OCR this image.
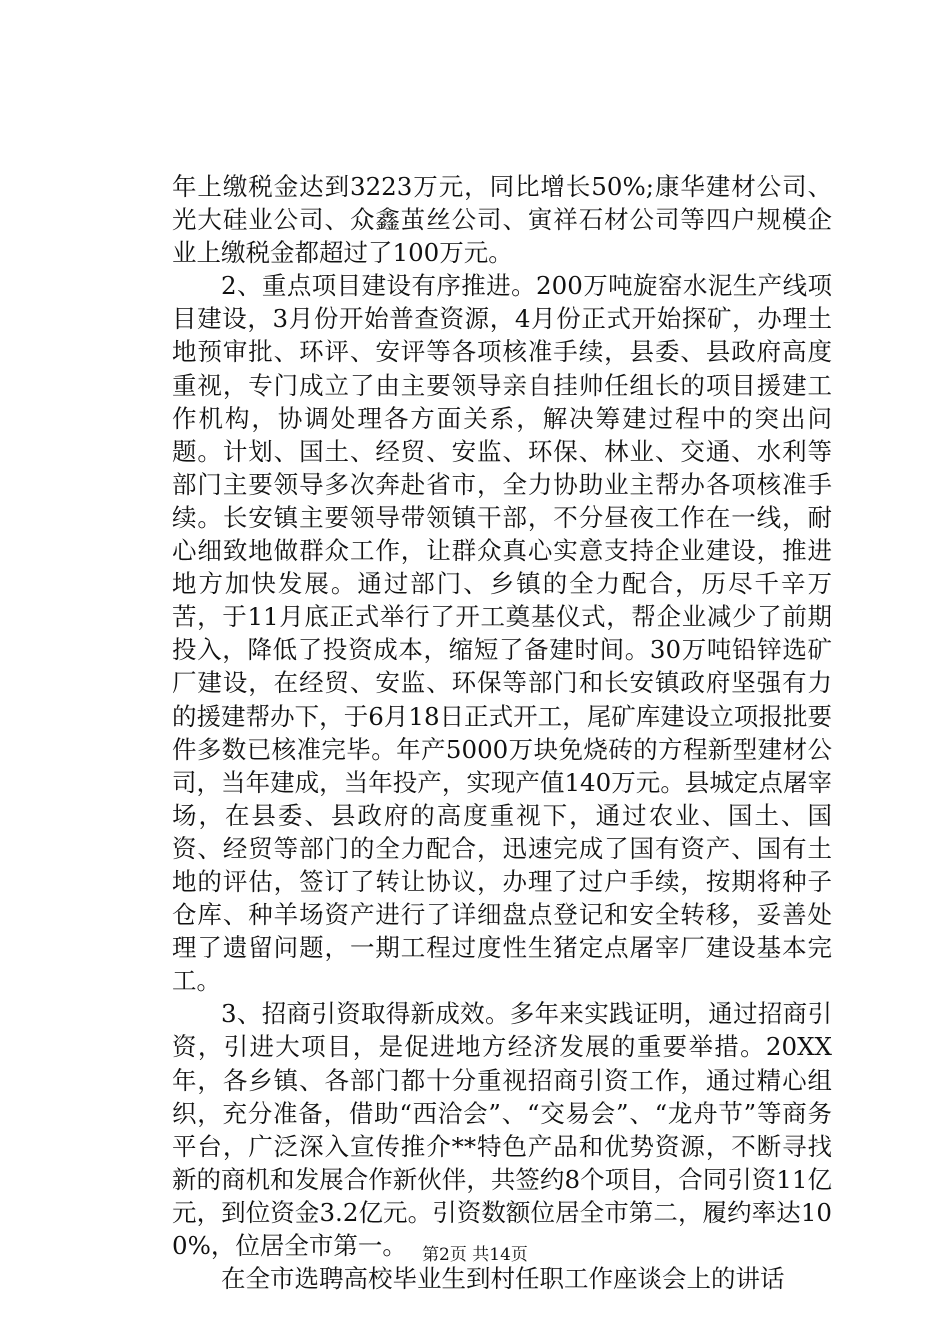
年上缴税金达到3223万元，同比增长50%;康华建材公司、光大硅业公司、众鑫茧丝公司、寅祥石材公司等四户规模企业上缴税金都超过了100万元。

2、重点项目建设有序推进。200万吨旋窑水泥生产线项目建设，3月份开始普查资源，4月份正式开始探矿，办理土地预审批、环评、安评等各项核准手续，县委、县政府高度重视，专门成立了由主要领导亲自挂帅任组长的项目援建工作机构，协调处理各方面关系，解决筹建过程中的突出问题。计划、国土、经贸、安监、环保、林业、交通、水利等部门主要领导多次奔赴省市，全力协助业主帮办各项核准手续。长安镇主要领导带领镇干部，不分昼夜工作在一线，耐心细致地做群众工作，让群众真心实意支持企业建设，推进地方加快发展。通过部门、乡镇的全力配合，历尽千辛万苦，于11月底正式举行了开工奠基仪式，帮企业减少了前期投入，降低了投资成本，缩短了备建时间。30万吨铅锌选矿厂建设，在经贸、安监、环保等部门和长安镇政府坚强有力的援建帮办下，于6月18日正式开工，尾矿库建设立项报批要件多数已核准完毕。年产5000万块免烧砖的方程新型建材公司，当年建成，当年投产，实现产值140万元。县城定点屠宰场，在县委、县政府的高度重视下，通过农业、国土、国资、经贸等部门的全力配合，迅速完成了国有资产、国有土地的评估，签订了转让协议，办理了过户手续，按期将种子仓库、种羊场资产进行了详细盘点登记和安全转移，妥善处理了遗留问题，一期工程过度性生猪定点屠宰厂建设基本完工。

3、招商引资取得新成效。多年来实践证明，通过招商引资，引进大项目，是促进地方经济发展的重要举措。20XX年，各乡镇、各部门都十分重视招商引资工作，通过精心组织，充分准备，借助“西洽会”、“交易会”、“龙舟节”等商务平台，广泛深入宣传推介**特色产品和优势资源，不断寻找新的商机和发展合作新伙伴，共签约8个项目，合同引资11亿元，到位资金3.2亿元。引资数额位居全市第二，履约率达100%，位居全市第一。

在全市选聘高校毕业生到村任职工作座谈会上的讲话

第2页 共14页
